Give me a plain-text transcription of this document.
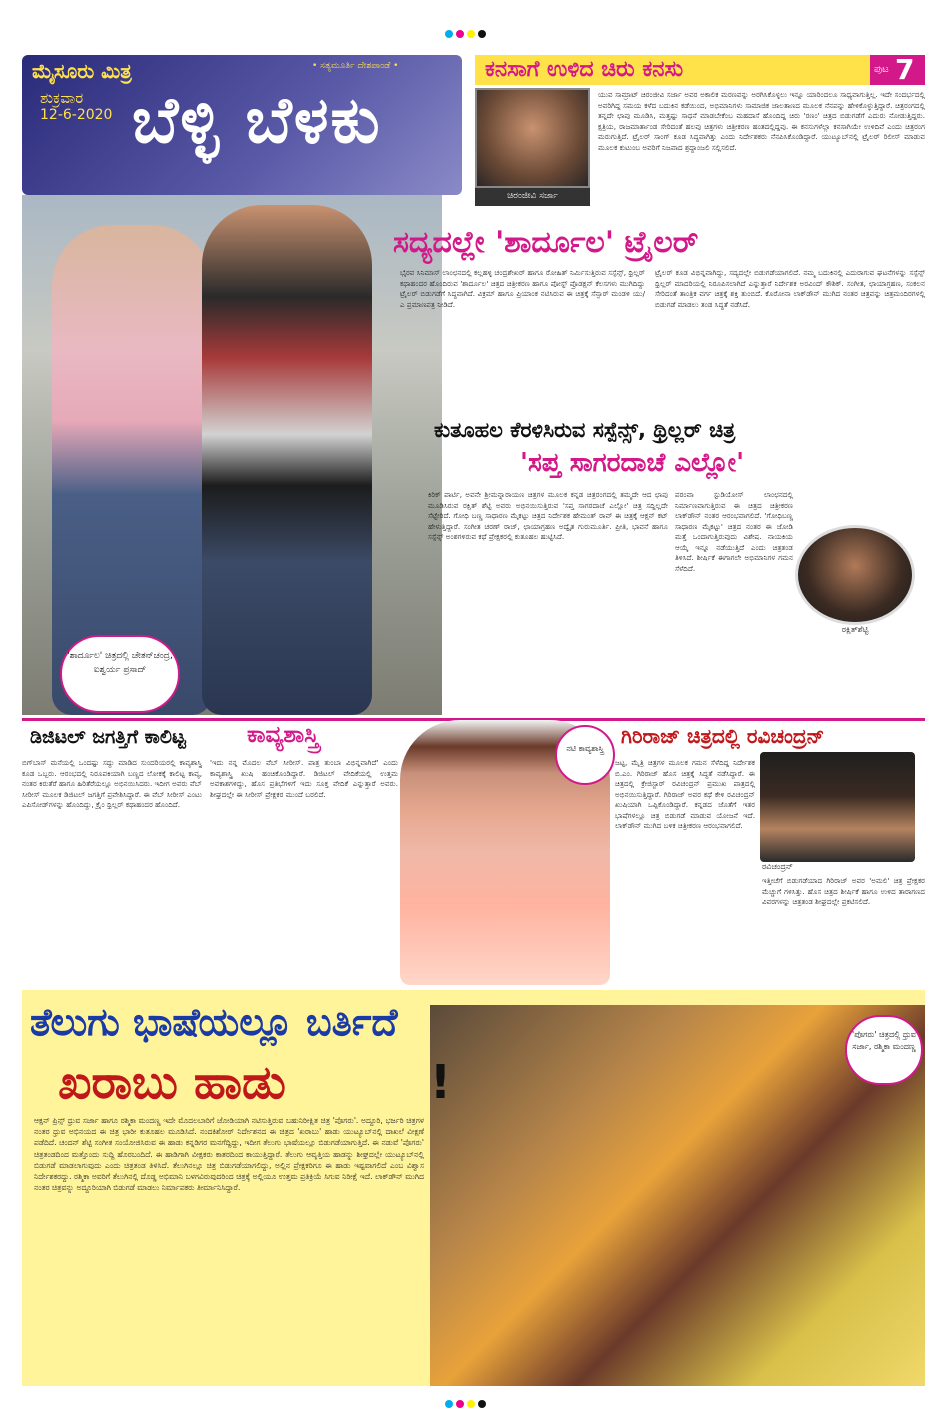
ಮೈಸೂರು ಮಿತ್ರ	• ಸತ್ಯಮೂರ್ತಿ ದೇಶಪಾಂಡೆ •
ಶುಕ್ರವಾರ
12-6-2020 ಬೆಳ್ಳಿ ಬೆಳಕು
ಕನಸಾಗೆ ಉಳಿದ ಚಿರು ಕನಸು	ಪುಟ 7
ಚಿರಂಜೀವಿ ಸರ್ಜಾ
ಯುವ ಸಾಮ್ರಾಟ್ ಚಿರಂಜೀವಿ ಸರ್ಜಾ ಅವರ ಅಕಾಲಿಕ ಮರಣವನ್ನು ಅರಗಿಸಿಕೊಳ್ಳಲು ಇನ್ನೂ ಯಾರಿಂದಲೂ ಸಾಧ್ಯವಾಗುತ್ತಿಲ್ಲ. ಇದೇ ಸಂದರ್ಭದಲ್ಲಿ ಅವರಿಗಿದ್ದ ಸಮಯ ಕಳೆದ ಬದುಕಿನ ಕಡೆಯಿಂದ, ಅಭಿಮಾನಿಗಳು ಸಾಮಾಜಿಕ ಜಾಲತಾಣದ ಮೂಲಕ ನೆನಪನ್ನು ಹೇಳಿಕೊಳ್ಳುತ್ತಿದ್ದಾರೆ. ಚಿತ್ರರಂಗದಲ್ಲಿ ತನ್ನದೇ ಛಾಪು ಮೂಡಿಸಿ, ಮತ್ತಷ್ಟು ಸಾಧನೆ ಮಾಡಬೇಕೆಂಬ ಮಹದಾಸೆ ಹೊಂದಿದ್ದ ಚಿರು 'ರಣಂ' ಚಿತ್ರದ ಬಿಡುಗಡೆಗೆ ಎದುರು ನೋಡುತ್ತಿದ್ದರು. ಕ್ಷತ್ರಿಯ, ರಾಜಮಾರ್ತಾಂಡ ಸೇರಿದಂತೆ ಹಲವು ಚಿತ್ರಗಳು ಚಿತ್ರೀಕರಣ ಹಂತದಲ್ಲಿದ್ದವು. ಈ ಕನಸುಗಳೆಲ್ಲಾ ಕನಸಾಗಿಯೇ ಉಳಿದಿವೆ ಎಂದು ಚಿತ್ರರಂಗ ಮರುಗುತ್ತಿದೆ. ಟ್ರೈಲರ್ ಸಾಂಗ್ ಕೂಡ ಸಿದ್ಧವಾಗಿತ್ತು ಎಂದು ನಿರ್ದೇಶಕರು ನೆನಪಿಸಿಕೊಂಡಿದ್ದಾರೆ. ಯುಟ್ಯೂಬ್‌ನಲ್ಲಿ ಟ್ರೈಲರ್ ರಿಲೀಸ್ ಮಾಡುವ ಮೂಲಕ ಕುಟುಂಬ ಅವರಿಗೆ ನಿಜವಾದ ಶ್ರದ್ಧಾಂಜಲಿ ಸಲ್ಲಿಸಲಿದೆ.
'ಶಾರ್ದೂಲ' ಚಿತ್ರದಲ್ಲಿ ಚೇತನ್‌ಚಂದ್ರ, ಐಶ್ವರ್ಯ ಪ್ರಸಾದ್
ಸದ್ಯದಲ್ಲೇ 'ಶಾರ್ದೂಲ' ಟ್ರೈಲರ್
ಭೈರವ ಸಿನಿಮಾಸ್ ಲಾಂಛನದಲ್ಲಿ ಕಲ್ಲಹಳ್ಳಿ ಚಂದ್ರಶೇಖರ್ ಹಾಗೂ ರೋಹಿತ್ ನಿರ್ಮಿಸುತ್ತಿರುವ ಸಸ್ಪೆನ್ಸ್, ಥ್ರಿಲ್ಲರ್ ಕಥಾಹಂದರ ಹೊಂದಿರುವ 'ಶಾರ್ದೂಲ' ಚಿತ್ರದ ಚಿತ್ರೀಕರಣ ಹಾಗೂ ಪೋಸ್ಟ್ ಪ್ರೊಡಕ್ಷನ್ ಕೆಲಸಗಳು ಮುಗಿದಿದ್ದು ಟ್ರೈಲರ್ ಬಿಡುಗಡೆಗೆ ಸಿದ್ಧವಾಗಿದೆ. ವಿಕ್ರಮ್ ಹಾಗೂ ಪ್ರಿಯಾಂಕ ನಟಿಸಿರುವ ಈ ಚಿತ್ರಕ್ಕೆ ಸೆನ್ಸಾರ್ ಮಂಡಳಿ ಯು/ಎ ಪ್ರಮಾಣಪತ್ರ ನೀಡಿದೆ.
ಟ್ರೈಲರ್ ಕೂಡ ವಿಭಿನ್ನವಾಗಿದ್ದು, ಸದ್ಯದಲ್ಲೇ ಬಿಡುಗಡೆಯಾಗಲಿದೆ. ನಮ್ಮ ಬದುಕಿನಲ್ಲಿ ಎದುರಾಗುವ ಘಟನೆಗಳನ್ನು ಸಸ್ಪೆನ್ಸ್ ಥ್ರಿಲ್ಲರ್ ಮಾದರಿಯಲ್ಲಿ ನಿರೂಪಿಸಲಾಗಿದೆ ಎನ್ನುತ್ತಾರೆ ನಿರ್ದೇಶಕ ಅರವಿಂದ್ ಕೌಶಿಕ್. ಸಂಗೀತ, ಛಾಯಾಗ್ರಹಣ, ಸಂಕಲನ ಸೇರಿದಂತೆ ತಾಂತ್ರಿಕ ವರ್ಗ ಚಿತ್ರಕ್ಕೆ ಶಕ್ತಿ ತುಂಬಿದೆ. ಕೊರೋನಾ ಲಾಕ್‌ಡೌನ್ ಮುಗಿದ ನಂತರ ಚಿತ್ರವನ್ನು ಚಿತ್ರಮಂದಿರಗಳಲ್ಲಿ ಬಿಡುಗಡೆ ಮಾಡಲು ತಂಡ ಸಿದ್ಧತೆ ನಡೆಸಿದೆ.
ಕುತೂಹಲ ಕೆರಳಿಸಿರುವ ಸಸ್ಪೆನ್ಸ್, ಥ್ರಿಲ್ಲರ್ ಚಿತ್ರ
'ಸಪ್ತ ಸಾಗರದಾಚೆ ಎಲ್ಲೋ'
ಕಿರಿಕ್ ಪಾರ್ಟಿ, ಅವನೇ ಶ್ರೀಮನ್ನಾರಾಯಣ ಚಿತ್ರಗಳ ಮೂಲಕ ಕನ್ನಡ ಚಿತ್ರರಂಗದಲ್ಲಿ ತಮ್ಮದೇ ಆದ ಛಾಪು ಮೂಡಿಸಿರುವ ರಕ್ಷಿತ್ ಶೆಟ್ಟಿ ಅವರು ಅಭಿನಯಿಸುತ್ತಿರುವ 'ಸಪ್ತ ಸಾಗರದಾಚೆ ಎಲ್ಲೋ' ಚಿತ್ರ ಸದ್ದಿಲ್ಲದೇ ಸೆಟ್ಟೇರಿದೆ. ಗೋಧಿ ಬಣ್ಣ ಸಾಧಾರಣ ಮೈಕಟ್ಟು ಚಿತ್ರದ ನಿರ್ದೇಶಕ ಹೇಮಂತ್ ರಾವ್ ಈ ಚಿತ್ರಕ್ಕೆ ಆಕ್ಷನ್ ಕಟ್ ಹೇಳುತ್ತಿದ್ದಾರೆ. ಸಂಗೀತ ಚರಣ್ ರಾಜ್, ಛಾಯಾಗ್ರಹಣ ಅದ್ವೈತ ಗುರುಮೂರ್ತಿ. ಪ್ರೀತಿ, ಭಾವನೆ ಹಾಗೂ ಸಸ್ಪೆನ್ಸ್ ಅಂಶಗಳಿರುವ ಕಥೆ ಪ್ರೇಕ್ಷಕರಲ್ಲಿ ಕುತೂಹಲ ಹುಟ್ಟಿಸಿದೆ.
ಪರಂವಾ ಸ್ಟುಡಿಯೋಸ್ ಲಾಂಛನದಲ್ಲಿ ನಿರ್ಮಾಣವಾಗುತ್ತಿರುವ ಈ ಚಿತ್ರದ ಚಿತ್ರೀಕರಣ ಲಾಕ್‌ಡೌನ್ ನಂತರ ಆರಂಭವಾಗಲಿದೆ. 'ಗೋಧಿಬಣ್ಣ ಸಾಧಾರಣ ಮೈಕಟ್ಟು' ಚಿತ್ರದ ನಂತರ ಈ ಜೋಡಿ ಮತ್ತೆ ಒಂದಾಗುತ್ತಿರುವುದು ವಿಶೇಷ. ನಾಯಕಿಯ ಆಯ್ಕೆ ಇನ್ನೂ ನಡೆಯುತ್ತಿದೆ ಎಂದು ಚಿತ್ರತಂಡ ತಿಳಿಸಿದೆ. ಶೀರ್ಷಿಕೆ ಈಗಾಗಲೇ ಅಭಿಮಾನಿಗಳ ಗಮನ ಸೆಳೆದಿದೆ.
ರಕ್ಷಿತ್‌ಶೆಟ್ಟಿ
ಡಿಜಿಟಲ್ ಜಗತ್ತಿಗೆ ಕಾಲಿಟ್ಟ	ಕಾವ್ಯಶಾಸ್ತ್ರಿ
ಬಿಗ್‌ಬಾಸ್ ಮನೆಯಲ್ಲಿ ಒಂದಷ್ಟು ಸದ್ದು ಮಾಡಿದ ಸುಂದರಿಯರಲ್ಲಿ ಕಾವ್ಯಶಾಸ್ತ್ರಿ ಕೂಡ ಒಬ್ಬರು. ಆರಂಭದಲ್ಲಿ ನಿರೂಪಕಿಯಾಗಿ ಬಣ್ಣದ ಲೋಕಕ್ಕೆ ಕಾಲಿಟ್ಟ ಕಾವ್ಯ, ನಂತರ ಕಿರುತೆರೆ ಹಾಗೂ ಹಿರಿತೆರೆಯಲ್ಲೂ ಅಭಿನಯಿಸಿದರು. ಇದೀಗ ಅವರು ವೆಬ್ ಸೀರೀಸ್ ಮೂಲಕ ಡಿಜಿಟಲ್ ಜಗತ್ತಿಗೆ ಪ್ರವೇಶಿಸಿದ್ದಾರೆ. ಈ ವೆಬ್ ಸೀರೀಸ್ ಎಂಟು ಎಪಿಸೋಡ್‌ಗಳನ್ನು ಹೊಂದಿದ್ದು, ಕ್ರೈಂ ಥ್ರಿಲ್ಲರ್ ಕಥಾಹಂದರ ಹೊಂದಿದೆ.
'ಇದು ನನ್ನ ಮೊದಲ ವೆಬ್ ಸೀರೀಸ್. ಪಾತ್ರ ತುಂಬಾ ವಿಭಿನ್ನವಾಗಿದೆ' ಎಂದು ಕಾವ್ಯಶಾಸ್ತ್ರಿ ಖುಷಿ ಹಂಚಿಕೊಂಡಿದ್ದಾರೆ. ಡಿಜಿಟಲ್ ವೇದಿಕೆಯಲ್ಲಿ ಉತ್ತಮ ಅವಕಾಶಗಳಿದ್ದು, ಹೊಸ ಪ್ರತಿಭೆಗಳಿಗೆ ಇದು ಸೂಕ್ತ ವೇದಿಕೆ ಎನ್ನುತ್ತಾರೆ ಅವರು. ಶೀಘ್ರದಲ್ಲೇ ಈ ಸೀರೀಸ್ ಪ್ರೇಕ್ಷಕರ ಮುಂದೆ ಬರಲಿದೆ.
ನಟಿ ಕಾವ್ಯಶಾಸ್ತ್ರಿ
ಗಿರಿರಾಜ್ ಚಿತ್ರದಲ್ಲಿ ರವಿಚಂದ್ರನ್
ಜಟ್ಟ, ಮೈತ್ರಿ ಚಿತ್ರಗಳ ಮೂಲಕ ಗಮನ ಸೆಳೆದಿದ್ದ ನಿರ್ದೇಶಕ ಬಿ.ಎಂ. ಗಿರಿರಾಜ್ ಹೊಸ ಚಿತ್ರಕ್ಕೆ ಸಿದ್ಧತೆ ನಡೆಸಿದ್ದಾರೆ. ಈ ಚಿತ್ರದಲ್ಲಿ ಕ್ರೇಜಿಸ್ಟಾರ್ ರವಿಚಂದ್ರನ್ ಪ್ರಮುಖ ಪಾತ್ರದಲ್ಲಿ ಅಭಿನಯಿಸುತ್ತಿದ್ದಾರೆ. ಗಿರಿರಾಜ್ ಅವರ ಕಥೆ ಕೇಳಿ ರವಿಚಂದ್ರನ್ ಖುಷಿಯಾಗಿ ಒಪ್ಪಿಕೊಂಡಿದ್ದಾರೆ. ಕನ್ನಡದ ಜೊತೆಗೆ ಇತರ ಭಾಷೆಗಳಲ್ಲೂ ಚಿತ್ರ ಬಿಡುಗಡೆ ಮಾಡುವ ಯೋಜನೆ ಇದೆ. ಲಾಕ್‌ಡೌನ್ ಮುಗಿದ ಬಳಿಕ ಚಿತ್ರೀಕರಣ ಆರಂಭವಾಗಲಿದೆ.
ರವಿಚಂದ್ರನ್
ಇತ್ತೀಚೆಗೆ ಬಿಡುಗಡೆಯಾದ ಗಿರಿರಾಜ್ ಅವರ 'ಅಮಲಿ' ಚಿತ್ರ ಪ್ರೇಕ್ಷಕರ ಮೆಚ್ಚುಗೆ ಗಳಿಸಿತ್ತು. ಹೊಸ ಚಿತ್ರದ ಶೀರ್ಷಿಕೆ ಹಾಗೂ ಉಳಿದ ತಾರಾಗಣದ ವಿವರಗಳನ್ನು ಚಿತ್ರತಂಡ ಶೀಘ್ರದಲ್ಲೇ ಪ್ರಕಟಿಸಲಿದೆ.
ತೆಲುಗು ಭಾಷೆಯಲ್ಲೂ ಬರ್ತಿದೆ
ಖರಾಬು ಹಾಡು	!
'ಪೊಗರು' ಚಿತ್ರದಲ್ಲಿ ಧ್ರುವ ಸರ್ಜಾ, ರಶ್ಮಿಕಾ ಮಂದಣ್ಣ
ಆಕ್ಷನ್ ಪ್ರಿನ್ಸ್ ಧ್ರುವ ಸರ್ಜಾ ಹಾಗೂ ರಶ್ಮಿಕಾ ಮಂದಣ್ಣ ಇದೇ ಮೊದಲಬಾರಿಗೆ ಜೋಡಿಯಾಗಿ ನಟಿಸುತ್ತಿರುವ ಬಹುನಿರೀಕ್ಷಿತ ಚಿತ್ರ 'ಪೊಗರು'. ಅದ್ದೂರಿ, ಭರ್ಜರಿ ಚಿತ್ರಗಳ ನಂತರ ಧ್ರುವ ಅಭಿನಯದ ಈ ಚಿತ್ರ ಭಾರೀ ಕುತೂಹಲ ಮೂಡಿಸಿದೆ. ನಂದಕಿಶೋರ್ ನಿರ್ದೇಶನದ ಈ ಚಿತ್ರದ 'ಖರಾಬು' ಹಾಡು ಯುಟ್ಯೂಬ್‌ನಲ್ಲಿ ದಾಖಲೆ ವೀಕ್ಷಣೆ ಪಡೆದಿದೆ. ಚಂದನ್ ಶೆಟ್ಟಿ ಸಂಗೀತ ಸಂಯೋಜಿಸಿರುವ ಈ ಹಾಡು ಕನ್ನಡಿಗರ ಮನಗೆದ್ದಿದ್ದು, ಇದೀಗ ತೆಲುಗು ಭಾಷೆಯಲ್ಲೂ ಬಿಡುಗಡೆಯಾಗುತ್ತಿದೆ. ಈ ನಡುವೆ 'ಪೊಗರು' ಚಿತ್ರತಂಡದಿಂದ ಮತ್ತೊಂದು ಸುದ್ದಿ ಹೊರಬಂದಿದೆ. ಈ ಹಾಡಿಗಾಗಿ ವೀಕ್ಷಕರು ಕಾತರದಿಂದ ಕಾಯುತ್ತಿದ್ದಾರೆ. ತೆಲುಗು ಆವೃತ್ತಿಯ ಹಾಡನ್ನು ಶೀಘ್ರದಲ್ಲೇ ಯುಟ್ಯೂಬ್‌ನಲ್ಲಿ ಬಿಡುಗಡೆ ಮಾಡಲಾಗುವುದು ಎಂದು ಚಿತ್ರತಂಡ ತಿಳಿಸಿದೆ. ತೆಲುಗಿನಲ್ಲೂ ಚಿತ್ರ ಬಿಡುಗಡೆಯಾಗಲಿದ್ದು, ಅಲ್ಲಿನ ಪ್ರೇಕ್ಷಕರಿಗೂ ಈ ಹಾಡು ಇಷ್ಟವಾಗಲಿದೆ ಎಂಬ ವಿಶ್ವಾಸ ನಿರ್ದೇಶಕರದ್ದು. ರಶ್ಮಿಕಾ ಅವರಿಗೆ ತೆಲುಗಿನಲ್ಲಿ ದೊಡ್ಡ ಅಭಿಮಾನಿ ಬಳಗವಿರುವುದರಿಂದ ಚಿತ್ರಕ್ಕೆ ಅಲ್ಲಿಯೂ ಉತ್ತಮ ಪ್ರತಿಕ್ರಿಯೆ ಸಿಗುವ ನಿರೀಕ್ಷೆ ಇದೆ. ಲಾಕ್‌ಡೌನ್ ಮುಗಿದ ನಂತರ ಚಿತ್ರವನ್ನು ಅದ್ದೂರಿಯಾಗಿ ಬಿಡುಗಡೆ ಮಾಡಲು ನಿರ್ಮಾಪಕರು ತೀರ್ಮಾನಿಸಿದ್ದಾರೆ.
